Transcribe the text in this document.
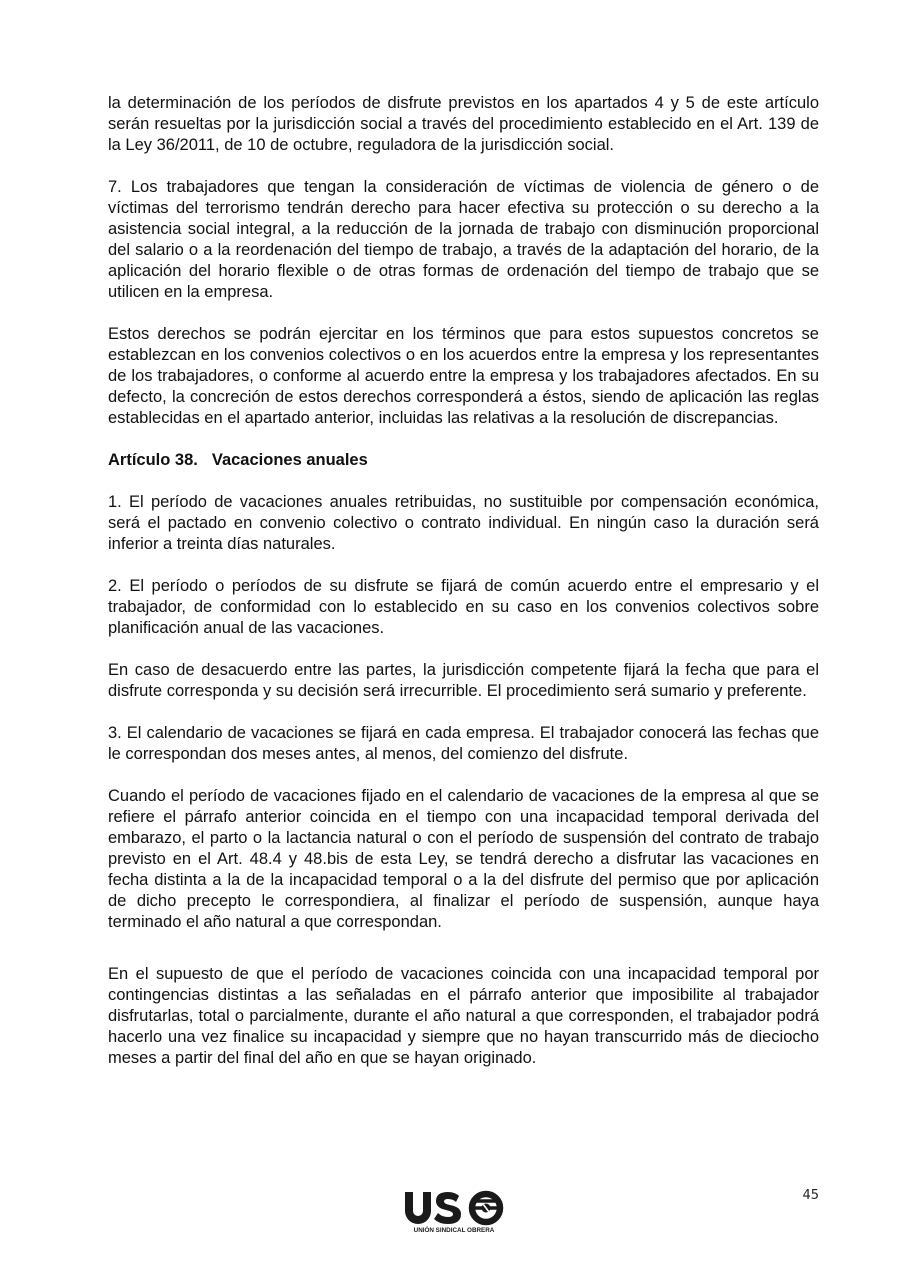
la determinación de los períodos de disfrute previstos en los apartados 4 y 5 de este artículo serán resueltas por la jurisdicción social a través del procedimiento establecido en el Art. 139 de la Ley 36/2011, de 10 de octubre, reguladora de la jurisdicción social.

7. Los trabajadores que tengan la consideración de víctimas de violencia de género o de víctimas del terrorismo tendrán derecho para hacer efectiva su protección o su derecho a la asistencia social integral, a la reducción de la jornada de trabajo con disminución proporcional del salario o a la reordenación del tiempo de trabajo, a través de la adaptación del horario, de la aplicación del horario flexible o de otras formas de ordenación del tiempo de trabajo que se utilicen en la empresa.

Estos derechos se podrán ejercitar en los términos que para estos supuestos concretos se establezcan en los convenios colectivos o en los acuerdos entre la empresa y los representantes de los trabajadores, o conforme al acuerdo entre la empresa y los trabajadores afectados. En su defecto, la concreción de estos derechos corresponderá a éstos, siendo de aplicación las reglas establecidas en el apartado anterior, incluidas las relativas a la resolución de discrepancias.

Artículo 38. Vacaciones anuales

1. El período de vacaciones anuales retribuidas, no sustituible por compensación económica, será el pactado en convenio colectivo o contrato individual. En ningún caso la duración será inferior a treinta días naturales.

2. El período o períodos de su disfrute se fijará de común acuerdo entre el empresario y el trabajador, de conformidad con lo establecido en su caso en los convenios colectivos sobre planificación anual de las vacaciones.

En caso de desacuerdo entre las partes, la jurisdicción competente fijará la fecha que para el disfrute corresponda y su decisión será irrecurrible. El procedimiento será sumario y preferente.

3. El calendario de vacaciones se fijará en cada empresa. El trabajador conocerá las fechas que le correspondan dos meses antes, al menos, del comienzo del disfrute.

Cuando el período de vacaciones fijado en el calendario de vacaciones de la empresa al que se refiere el párrafo anterior coincida en el tiempo con una incapacidad temporal derivada del embarazo, el parto o la lactancia natural o con el período de suspensión del contrato de trabajo previsto en el Art. 48.4 y 48.bis de esta Ley, se tendrá derecho a disfrutar las vacaciones en fecha distinta a la de la incapacidad temporal o a la del disfrute del permiso que por aplicación de dicho precepto le correspondiera, al finalizar el período de suspensión, aunque haya terminado el año natural a que correspondan.

En el supuesto de que el período de vacaciones coincida con una incapacidad temporal por contingencias distintas a las señaladas en el párrafo anterior que imposibilite al trabajador disfrutarlas, total o parcialmente, durante el año natural a que corresponden, el trabajador podrá hacerlo una vez finalice su incapacidad y siempre que no hayan transcurrido más de dieciocho meses a partir del final del año en que se hayan originado.

UNIÓN SINDICAL OBRERA
45
